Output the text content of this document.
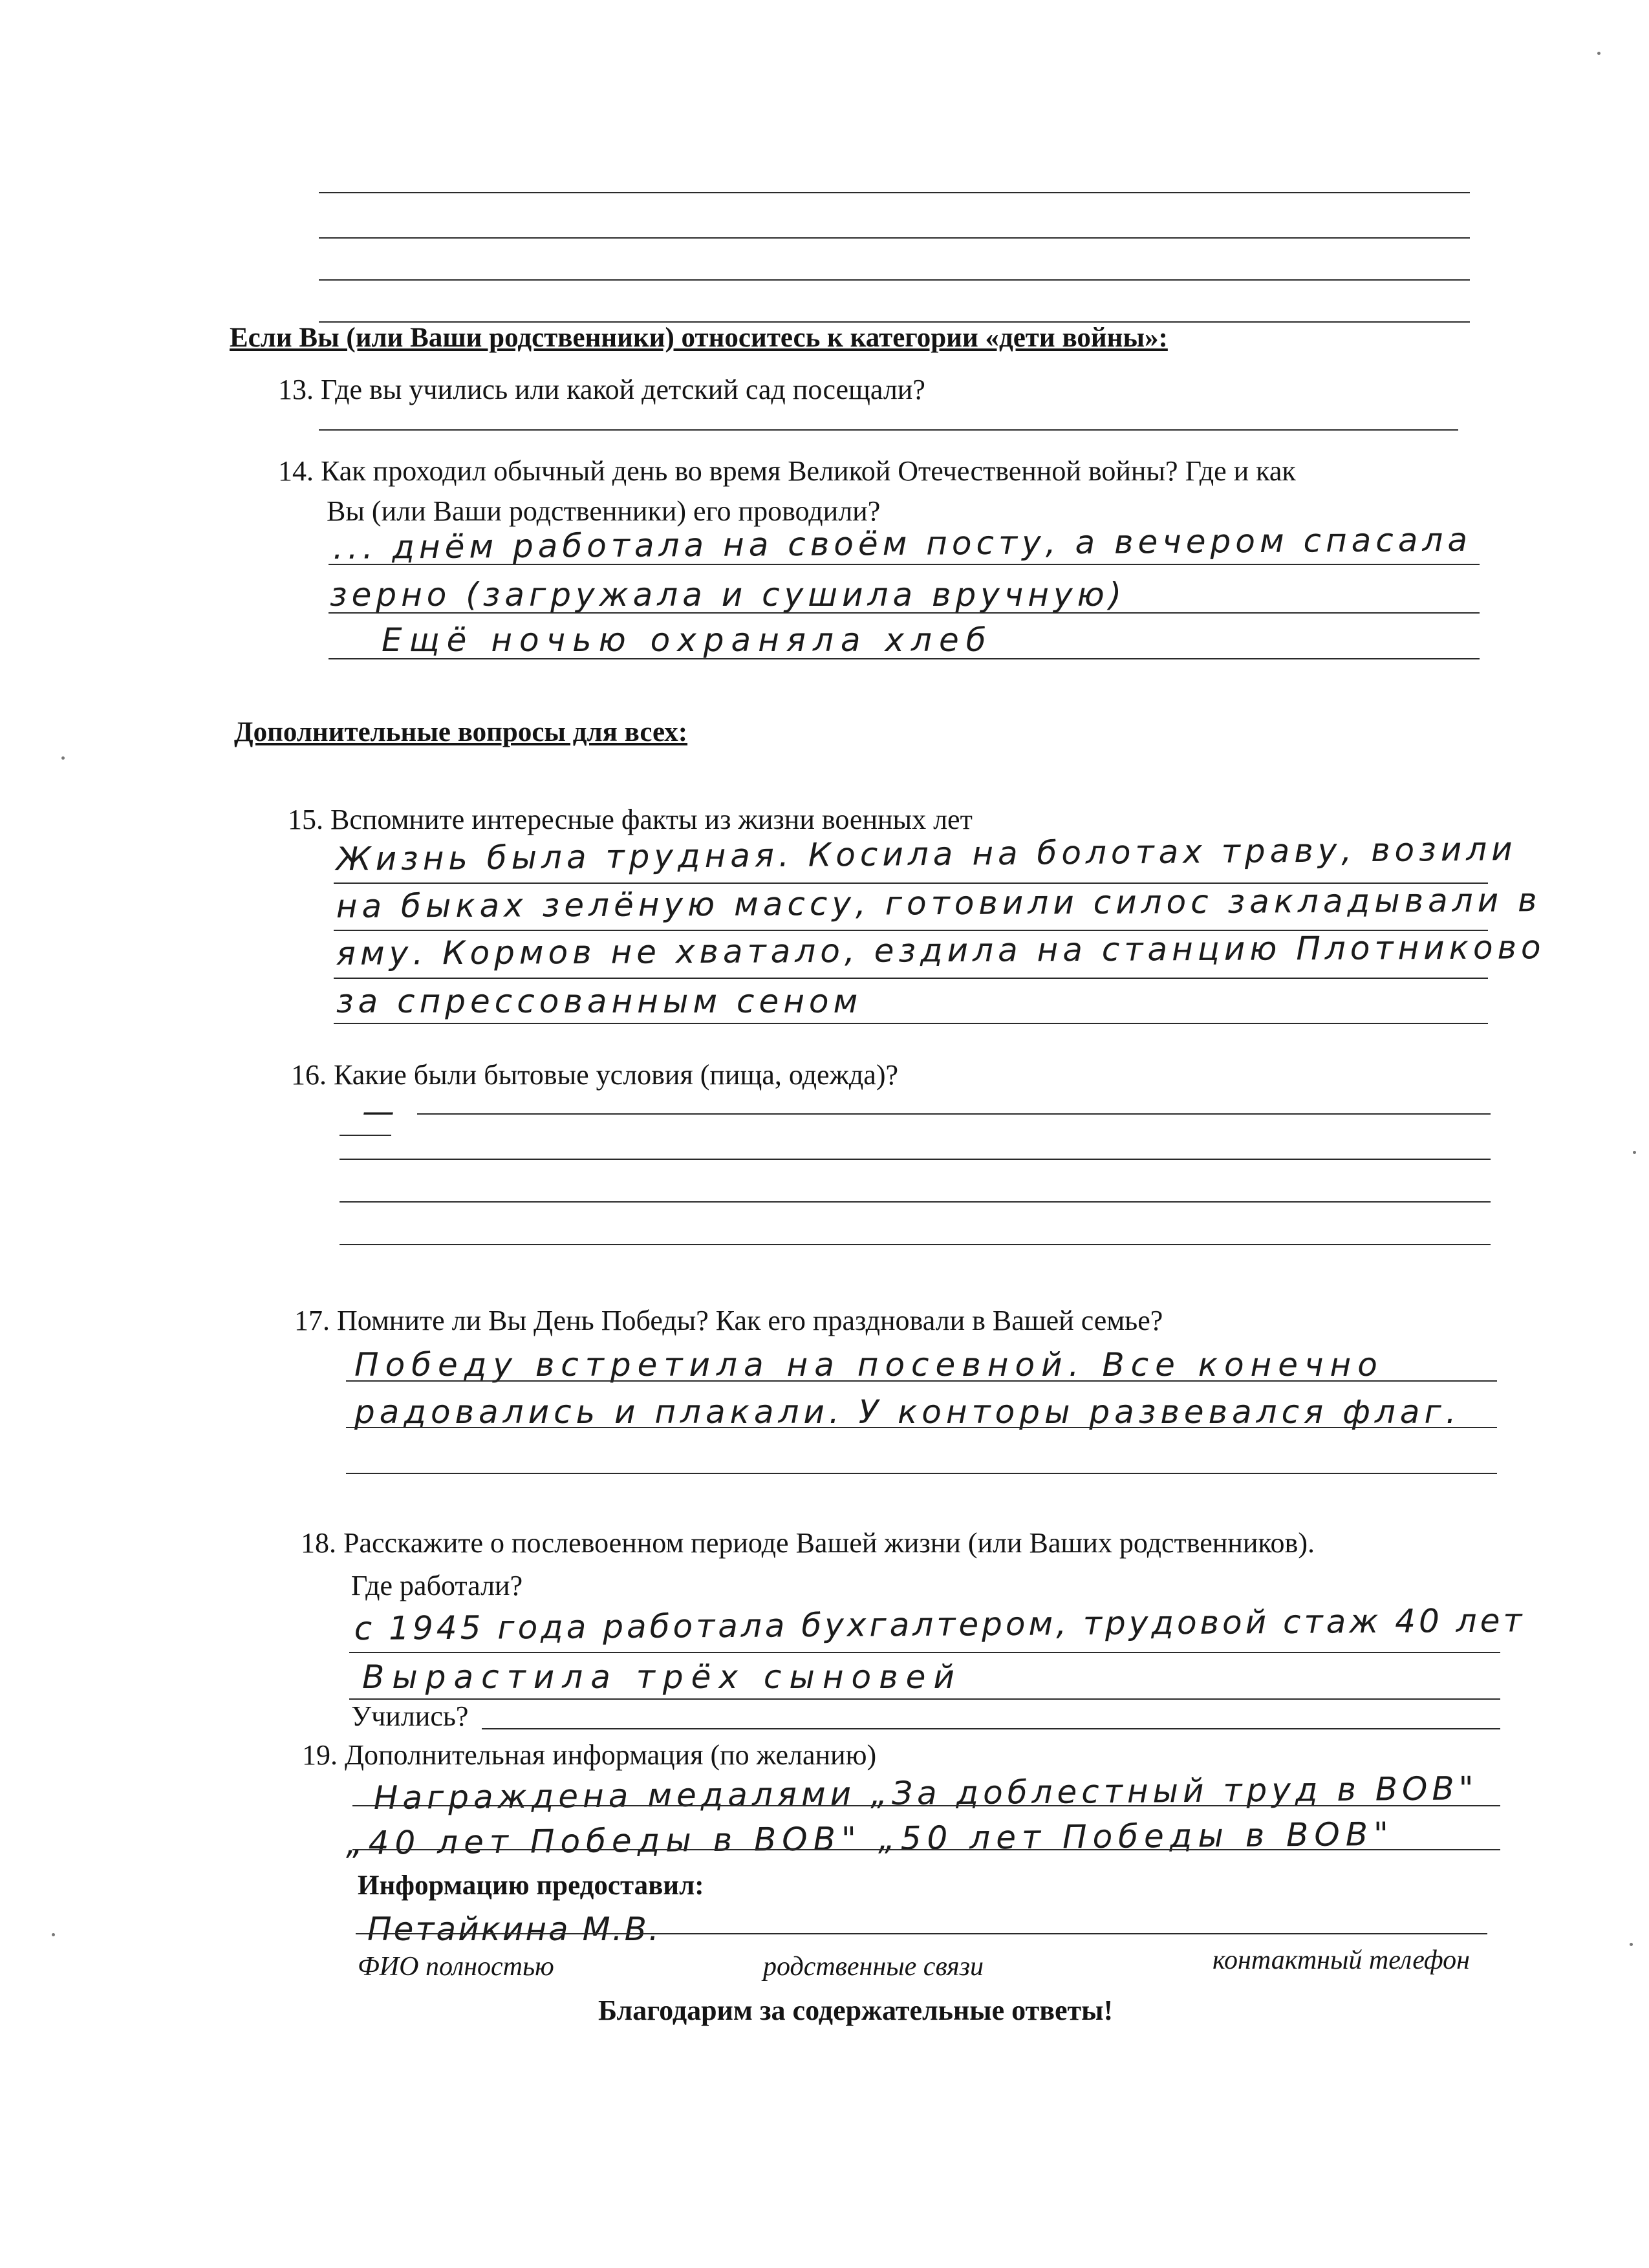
Если Вы (или Ваши родственники) относитесь к категории «дети войны»:
13. Где вы учились или какой детский сад посещали?
14. Как проходил обычный день во время Великой Отечественной войны? Где и как
Вы (или Ваши родственники) его проводили?
... днём работала на своём посту, а вечером спасала
зерно (загружала и сушила вручную)
Ещё ночью охраняла хлеб
Дополнительные вопросы для всех:
15. Вспомните интересные факты из жизни военных лет
Жизнь была трудная. Косила на болотах траву, возили
на быках зелёную массу, готовили силос закладывали в
яму. Кормов не хватало, ездила на станцию Плотниково
за спрессованным сеном
16. Какие были бытовые условия (пища, одежда)?
—
17. Помните ли Вы День Победы? Как его праздновали в Вашей семье?
Победу встретила на посевной. Все конечно
радовались и плакали. У конторы развевался флаг.
18. Расскажите о послевоенном периоде Вашей жизни (или Ваших родственников).
Где работали?
с 1945 года работала бухгалтером, трудовой стаж 40 лет
Вырастила трёх сыновей
Учились?
19. Дополнительная информация (по желанию)
Награждена медалями „За доблестный труд в ВОВ"
„40 лет Победы в ВОВ" „50 лет Победы в ВОВ"
Информацию предоставил:
Петайкина М.В.
ФИО полностью	родственные связи	контактный телефон
Благодарим за содержательные ответы!
